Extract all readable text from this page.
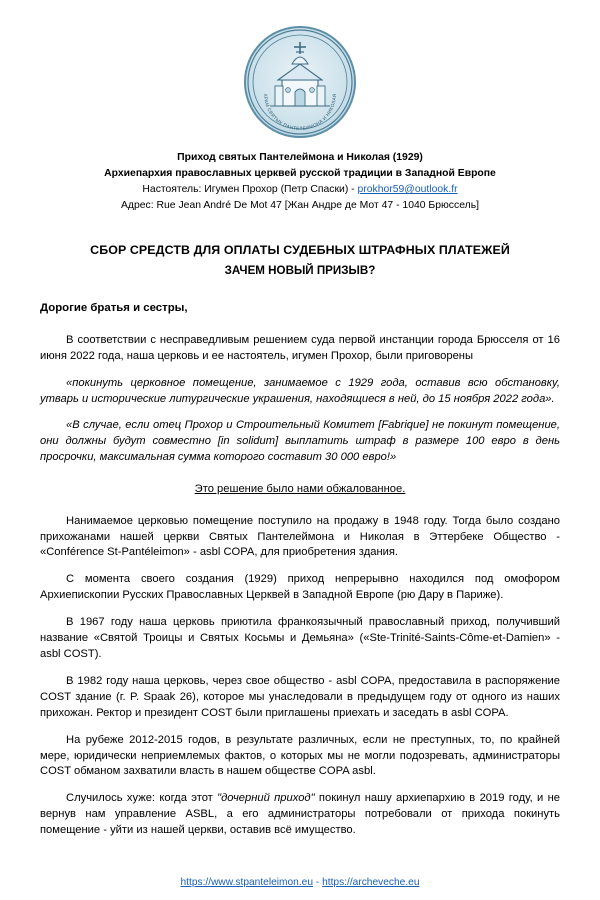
ХРАМ СВЯТЫХ ПАНТЕЛЕИМОНА И НИКОЛАЯ
Приход святых Пантелеймона и Николая (1929)
Архиепархия православных церквей русской традиции в Западной Европе
Настоятель: Игумен Прохор (Петр Спаски) - prokhor59@outlook.fr
Адрес: Rue Jean André De Mot 47 [Жан Андре де Мот 47 - 1040 Брюссель]
СБОР СРЕДСТВ ДЛЯ ОПЛАТЫ СУДЕБНЫХ ШТРАФНЫХ ПЛАТЕЖЕЙ
ЗАЧЕМ НОВЫЙ ПРИЗЫВ?
Дорогие братья и сестры,

В соответствии с несправедливым решением суда первой инстанции города Брюсселя от 16 июня 2022 года, наша церковь и ее настоятель, игумен Прохор, были приговорены

«покинуть церковное помещение, занимаемое с 1929 года, оставив всю обстановку, утварь и исторические литургические украшения, находящиеся в ней, до 15 ноября 2022 года».

«В случае, если отец Прохор и Строительный Комитет [Fabrique] не покинут помещение, они должны будут совместно [in solidum] выплатить штраф в размере 100 евро в день просрочки, максимальная сумма которого составит 30 000 евро!»

Это решение было нами обжалованное.

Нанимаемое церковью помещение поступило на продажу в 1948 году. Тогда было создано прихожанами нашей церкви Святых Пантелеймона и Николая в Эттербеке Общество - «Conférence St-Pantéleimon» - asbl COPA, для приобретения здания.

С момента своего создания (1929) приход непрерывно находился под омофором Архиепископии Русских Православных Церквей в Западной Европе (рю Дару в Париже).

В 1967 году наша церковь приютила франкоязычный православный приход, получивший название «Святой Троицы и Святых Косьмы и Демьяна» («Ste-Trinité-Saints-Côme-et-Damien» - asbl COST).

В 1982 году наша церковь, через свое общество - asbl COPA, предоставила в распоряжение COST здание (г. P. Spaak 26), которое мы унаследовали в предыдущем году от одного из наших прихожан. Ректор и президент COST были приглашены приехать и заседать в asbl COPA.

На рубеже 2012-2015 годов, в результате различных, если не преступных, то, по крайней мере, юридически неприемлемых фактов, о которых мы не могли подозревать, администраторы COST обманом захватили власть в нашем обществе COPA asbl.

Случилось хуже: когда этот "дочерний приход" покинул нашу архиепархию в 2019 году, и не вернув нам управление ASBL, а его администраторы потребовали от прихода покинуть помещение - уйти из нашей церкви, оставив всё имущество.

https://www.stpanteleimon.eu - https://archeveche.eu
